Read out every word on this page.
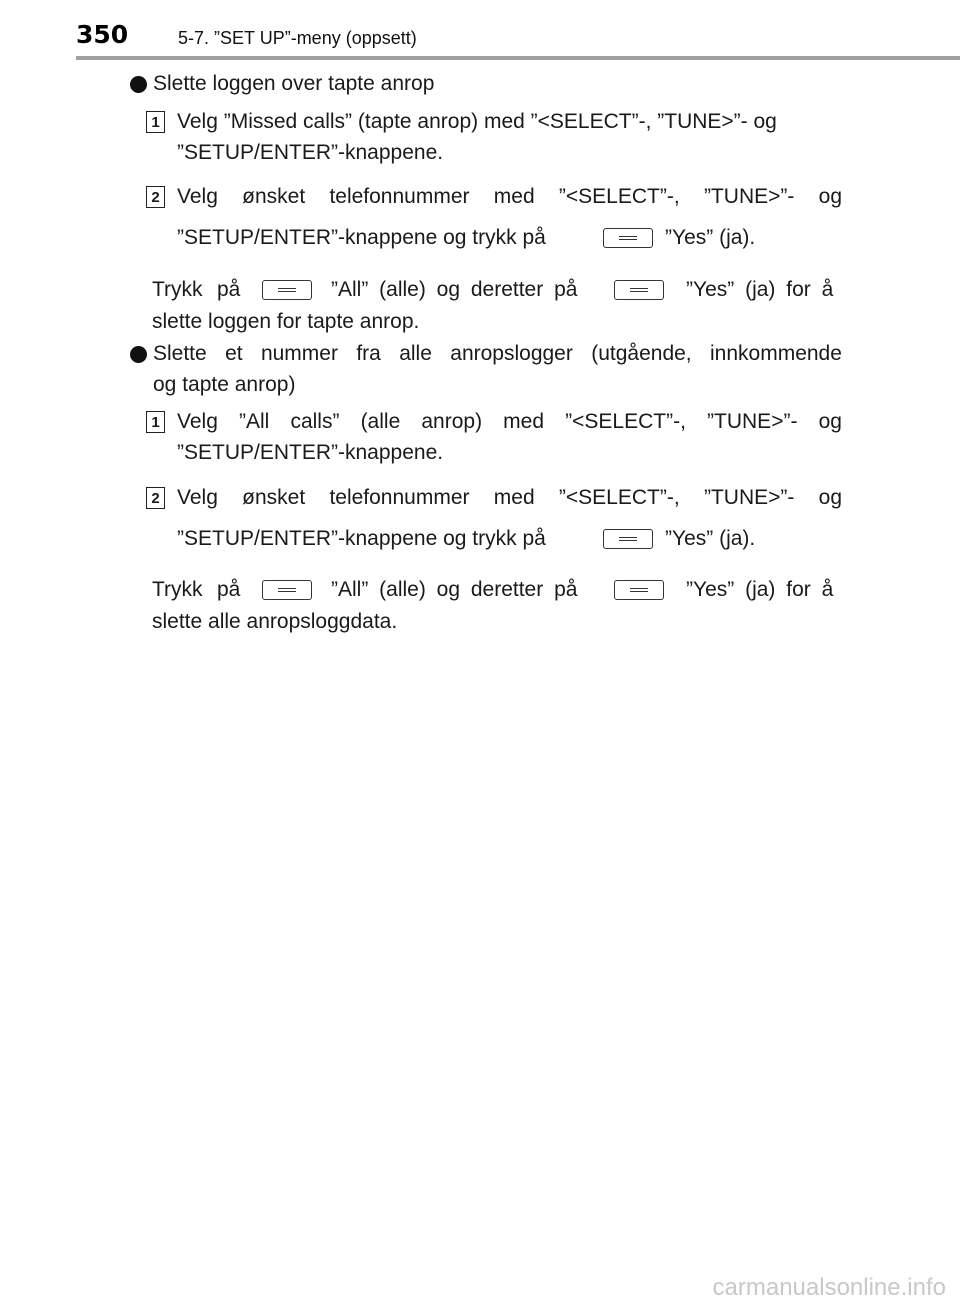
350	5-7. ”SET UP”-meny (oppsett)
Slette loggen over tapte anrop
1 Velg ”Missed calls” (tapte anrop) med ”<SELECT”-, ”TUNE>”- og
”SETUP/ENTER”-knappene.
2 Velg ønsket telefonnummer med ”<SELECT”-, ”TUNE>”- og
”SETUP/ENTER”-knappene og trykk på	”Yes” (ja).
Trykk på	”All” (alle) og deretter på	”Yes” (ja) for å
slette loggen for tapte anrop.
Slette et nummer fra alle anropslogger (utgående, innkommende
og tapte anrop)
1 Velg ”All calls” (alle anrop) med ”<SELECT”-, ”TUNE>”- og
”SETUP/ENTER”-knappene.
2 Velg ønsket telefonnummer med ”<SELECT”-, ”TUNE>”- og
”SETUP/ENTER”-knappene og trykk på	”Yes” (ja).
Trykk på	”All” (alle) og deretter på	”Yes” (ja) for å
slette alle anropsloggdata.
carmanualsonline.info
